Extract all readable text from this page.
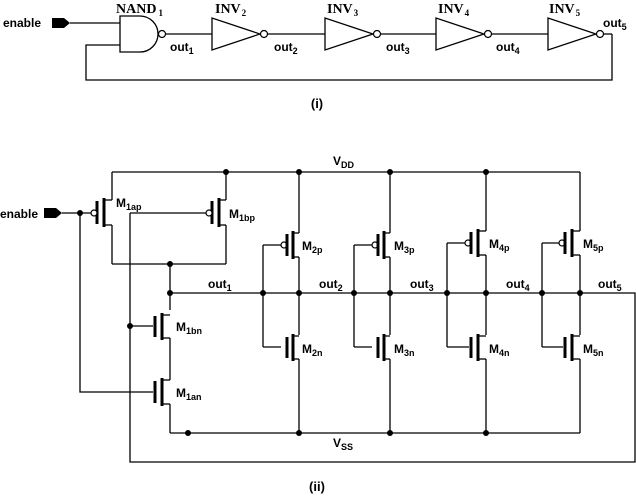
enable
NAND $_1$
out$_1$
$INV_2$
out$_2$
$INV_3$
out$_3$
$INV_4$
out$_4$
$INV_5$
out$_5$
(i)
$V_{DD}$
$V_{SS}$
enable
$M_{1ap}$	$M_{1bp}$
$M_{1bn}$
$M_{1an}$
out$_1$
$M_{2p}$
$M_{2n}$
out$_2$
$M_{3p}$
$M_{3n}$
out$_3$
$M_{4p}$
$M_{4n}$
out$_4$
$M_{5p}$
$M_{5n}$
out$_5$
(ii)
